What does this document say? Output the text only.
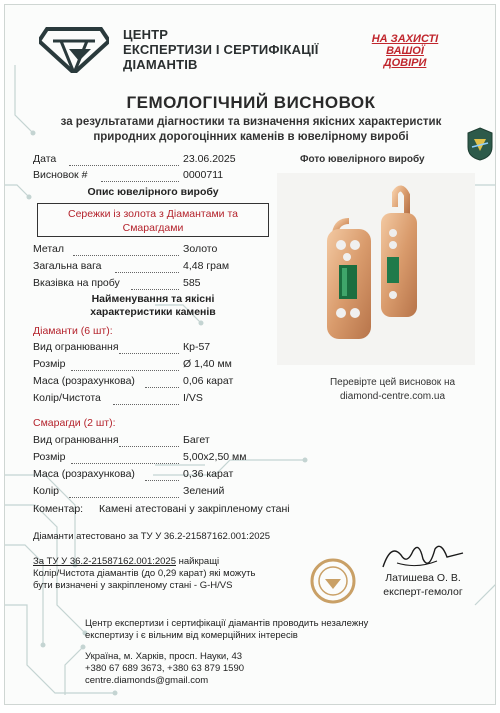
ЦЕНТР
ЕКСПЕРТИЗИ І СЕРТИФІКАЦІЇ
ДІАМАНТІВ
НА ЗАХИСТІ
ВАШОЇ
ДОВІРИ
ГЕМОЛОГІЧНИЙ ВИСНОВОК
за результатами діагностики та визначення якісних характеристик
природних дорогоцінних каменів в ювелірному виробі
Дата	23.06.2025
Висновок #	0000711
Опис ювелірного виробу
Сережки із золота з Діамантами та
Смарагдами
Метал	Золото
Загальна вага	4,48 грам
Вказівка на пробу	585
Найменування та якісні
характеристики каменів
Діаманти (6 шт):
Вид огранювання	Кр-57
Розмір	Ø 1,40 мм
Маса (розрахункова)	0,06 карат
Колір/Чистота	I/VS
Смарагди (2 шт):
Вид огранювання	Багет
Розмір	5,00x2,50 мм
Маса (розрахункова)	0,36 карат
Колір	Зелений
Коментар: Камені атестовані у закріпленому стані
Діаманти атестовано за ТУ У 36.2-21587162.001:2025
За ТУ У 36.2-21587162.001:2025 найкращі
Колір/Чистота діамантів (до 0,29 карат) які можуть
бути визначені у закріпленому стані - G-H/VS
Фото ювелірного виробу
Перевірте цей висновок на
diamond-centre.com.ua
Латишева О. В.
експерт-гемолог
Центр експертизи і сертифікації діамантів проводить незалежну
експертизу і є вільним від комерційних інтересів
Україна, м. Харків, просп. Науки, 43
+380 67 689 3673, +380 63 879 1590
centre.diamonds@gmail.com
